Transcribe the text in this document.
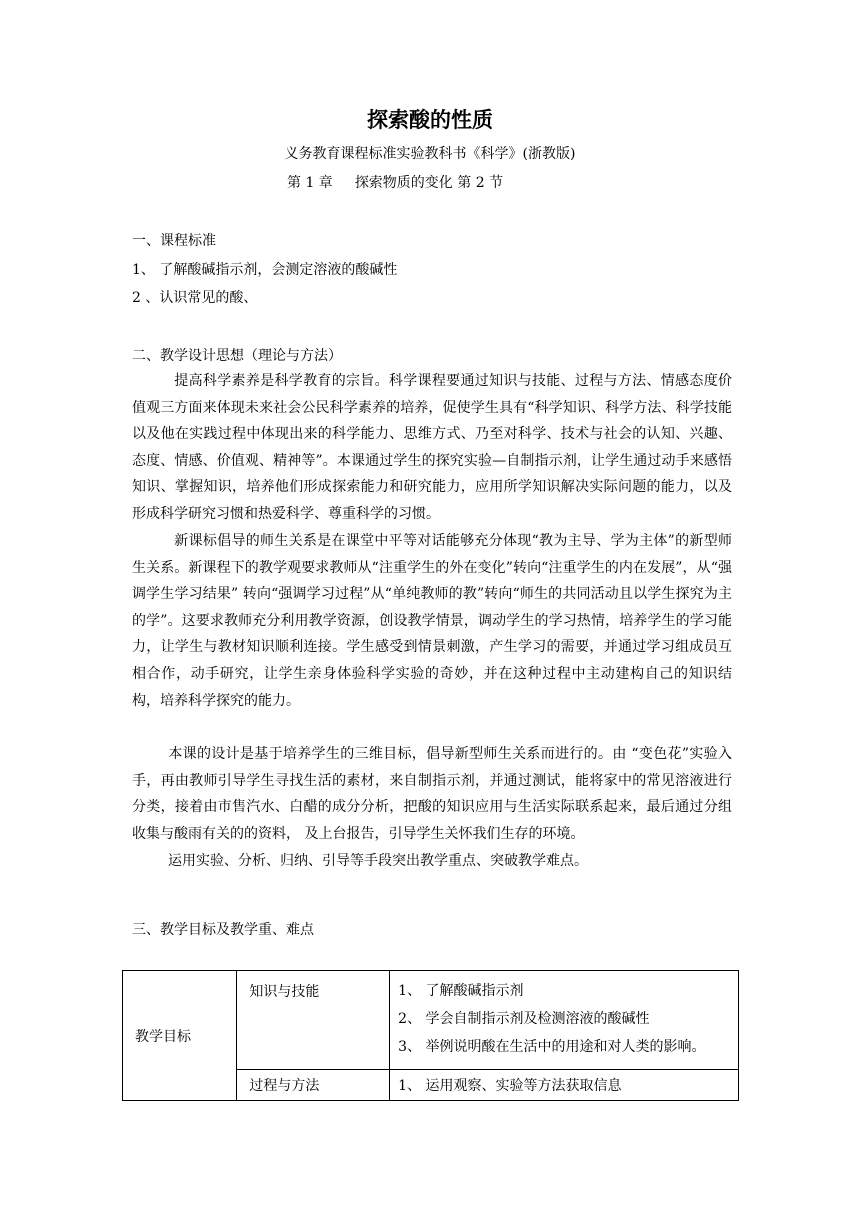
探索酸的性质
义务教育课程标准实验教科书《科学》(浙教版)
第 1 章 探索物质的变化 第 2 节
一、课程标准
1、 了解酸碱指示剂，会测定溶液的酸碱性
2 、认识常见的酸、
二、教学设计思想（理论与方法）
提高科学素养是科学教育的宗旨。科学课程要通过知识与技能、过程与方法、情感态度价值观三方面来体现未来社会公民科学素养的培养，促使学生具有“科学知识、科学方法、科学技能以及他在实践过程中体现出来的科学能力、思维方式、乃至对科学、技术与社会的认知、兴趣、态度、情感、价值观、精神等”。本课通过学生的探究实验—自制指示剂，让学生通过动手来感悟知识、掌握知识，培养他们形成探索能力和研究能力，应用所学知识解决实际问题的能力，以及形成科学研究习惯和热爱科学、尊重科学的习惯。
新课标倡导的师生关系是在课堂中平等对话能够充分体现“教为主导、学为主体”的新型师生关系。新课程下的教学观要求教师从“注重学生的外在变化”转向“注重学生的内在发展”，从“强调学生学习结果” 转向“强调学习过程”从“单纯教师的教”转向“师生的共同活动且以学生探究为主的学”。这要求教师充分利用教学资源，创设教学情景，调动学生的学习热情，培养学生的学习能力，让学生与教材知识顺利连接。学生感受到情景刺激，产生学习的需要，并通过学习组成员互相合作，动手研究，让学生亲身体验科学实验的奇妙，并在这种过程中主动建构自己的知识结构，培养科学探究的能力。
本课的设计是基于培养学生的三维目标，倡导新型师生关系而进行的。由 “变色花”实验入手，再由教师引导学生寻找生活的素材，来自制指示剂，并通过测试，能将家中的常见溶液进行分类，接着由市售汽水、白醋的成分分析，把酸的知识应用与生活实际联系起来，最后通过分组收集与酸雨有关的的资料， 及上台报告，引导学生关怀我们生存的环境。
运用实验、分析、归纳、引导等手段突出教学重点、突破教学难点。
三、教学目标及教学重、难点
教学目标	知识与技能	1、 了解酸碱指示剂
2、 学会自制指示剂及检测溶液的酸碱性
3、 举例说明酸在生活中的用途和对人类的影响。

	过程与方法	1、 运用观察、实验等方法获取信息
